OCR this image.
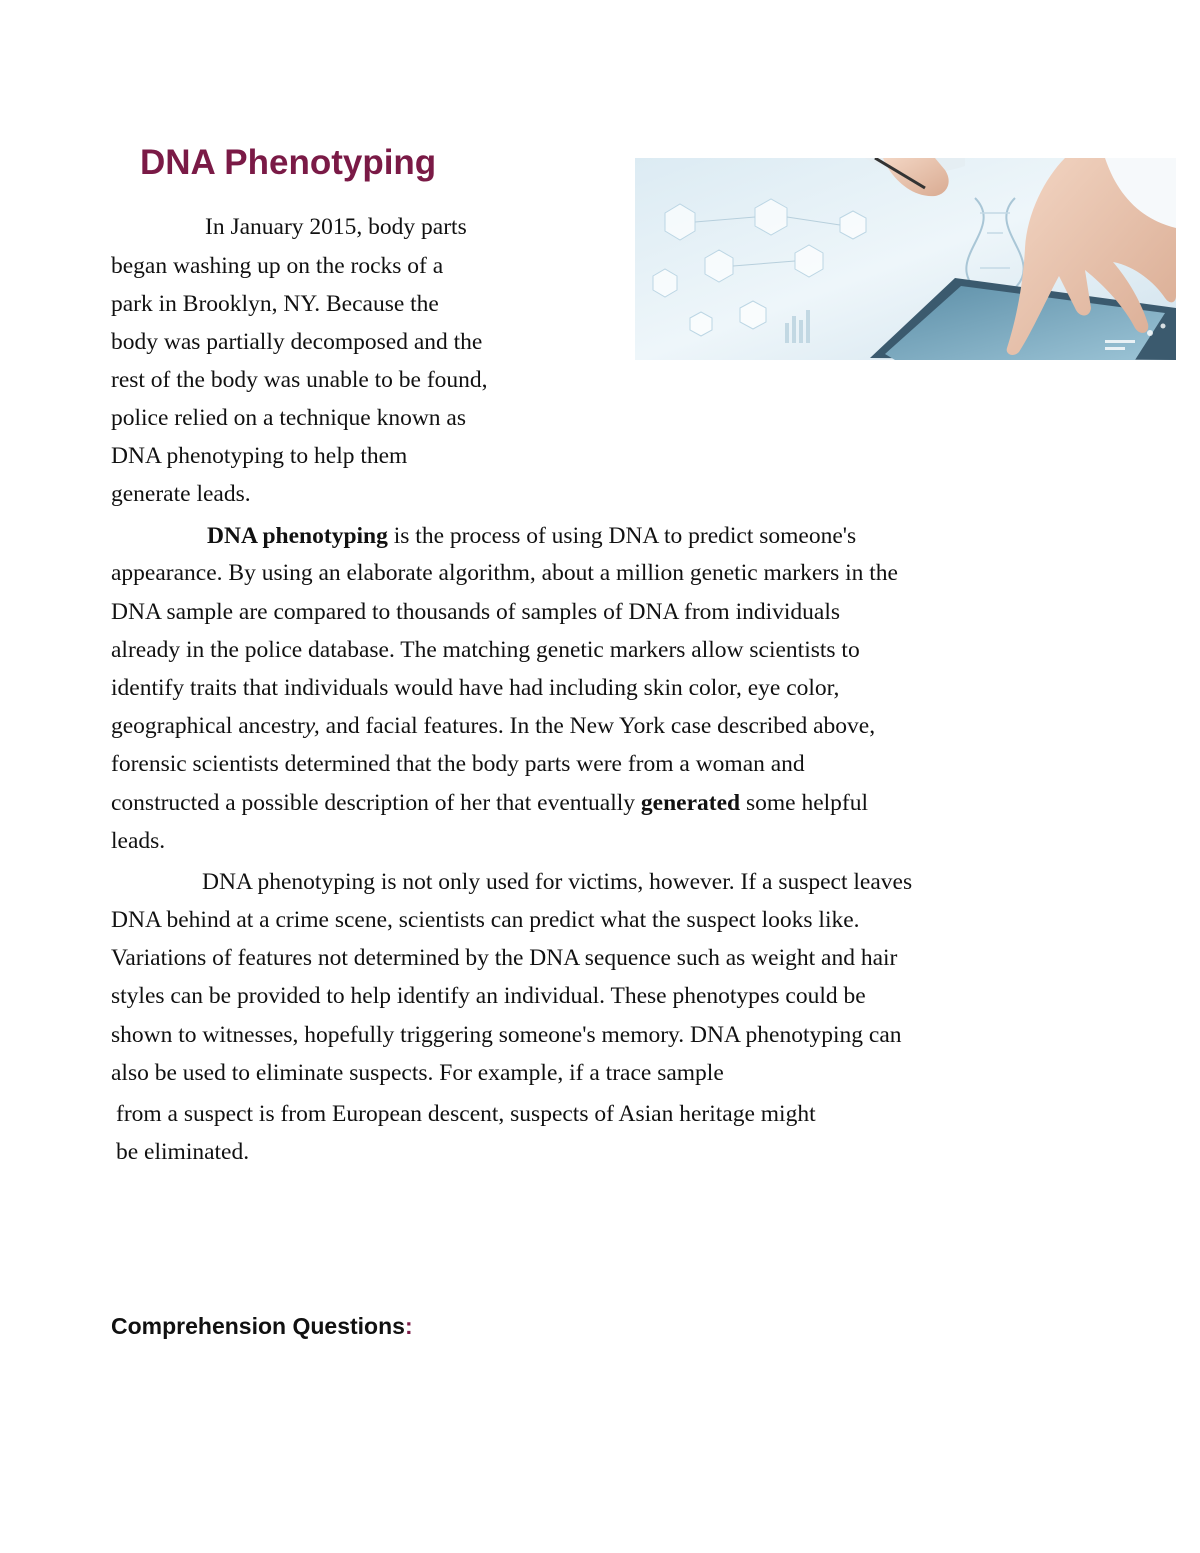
DNA Phenotyping

In January 2015, body parts

began washing up on the rocks of a

park in Brooklyn, NY. Because the

body was partially decomposed and the

rest of the body was unable to be found,

police relied on a technique known as

DNA phenotyping to help them

generate leads.

DNA phenotyping is the process of using DNA to predict someone's

appearance. By using an elaborate algorithm, about a million genetic markers in the

DNA sample are compared to thousands of samples of DNA from individuals

already in the police database. The matching genetic markers allow scientists to

identify traits that individuals would have had including skin color, eye color,

geographical ancestry, and facial features. In the New York case described above,

forensic scientists determined that the body parts were from a woman and

constructed a possible description of her that eventually generated some helpful

leads.

DNA phenotyping is not only used for victims, however. If a suspect leaves

DNA behind at a crime scene, scientists can predict what the suspect looks like.

Variations of features not determined by the DNA sequence such as weight and hair

styles can be provided to help identify an individual. These phenotypes could be

shown to witnesses, hopefully triggering someone's memory. DNA phenotyping can

also be used to eliminate suspects. For example, if a trace sample

from a suspect is from European descent, suspects of Asian heritage might

be eliminated.

Comprehension Questions:
